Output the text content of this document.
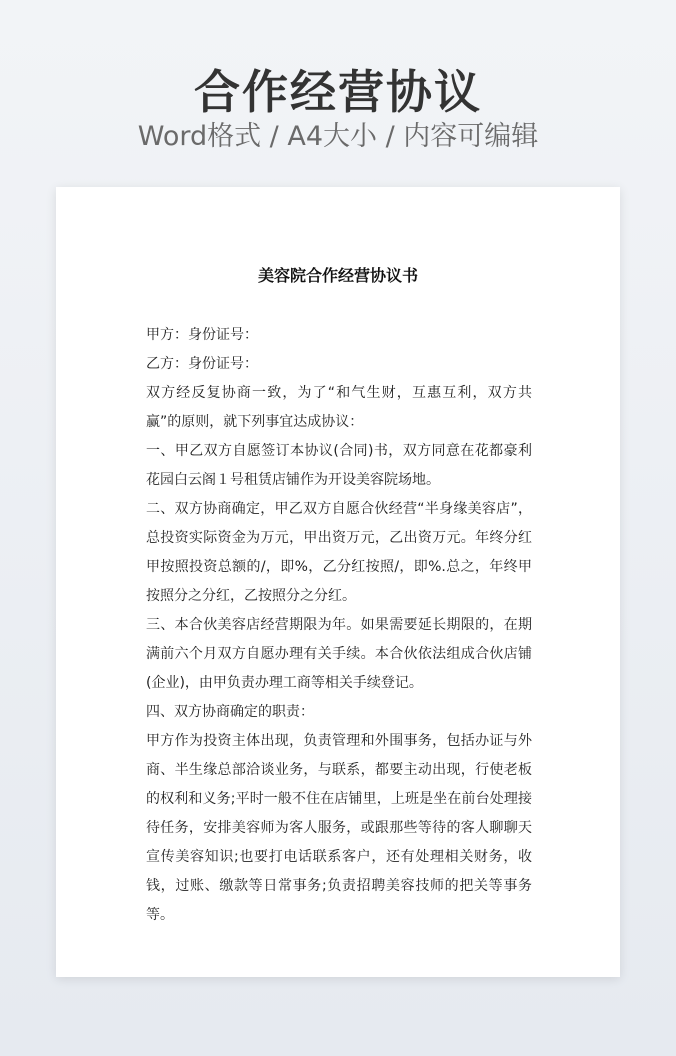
合作经营协议
Word格式 / A4大小 / 内容可编辑
美容院合作经营协议书

甲方：身份证号：

乙方：身份证号：

双方经反复协商一致，为了“和气生财，互惠互利，双方共赢”的原则，就下列事宜达成协议：

一、甲乙双方自愿签订本协议(合同)书，双方同意在花都豪利花园白云阁１号租赁店铺作为开设美容院场地。

二、双方协商确定，甲乙双方自愿合伙经营“半身缘美容店”，总投资实际资金为万元，甲出资万元，乙出资万元。年终分红甲按照投资总额的/，即%，乙分红按照/，即%.总之，年终甲按照分之分红，乙按照分之分红。

三、本合伙美容店经营期限为年。如果需要延长期限的，在期满前六个月双方自愿办理有关手续。本合伙依法组成合伙店铺(企业)，由甲负责办理工商等相关手续登记。

四、双方协商确定的职责：

甲方作为投资主体出现，负责管理和外围事务，包括办证与外商、半生缘总部洽谈业务，与联系，都要主动出现，行使老板的权利和义务;平时一般不住在店铺里，上班是坐在前台处理接待任务，安排美容师为客人服务，或跟那些等待的客人聊聊天宣传美容知识;也要打电话联系客户，还有处理相关财务，收钱，过账、缴款等日常事务;负责招聘美容技师的把关等事务等。
